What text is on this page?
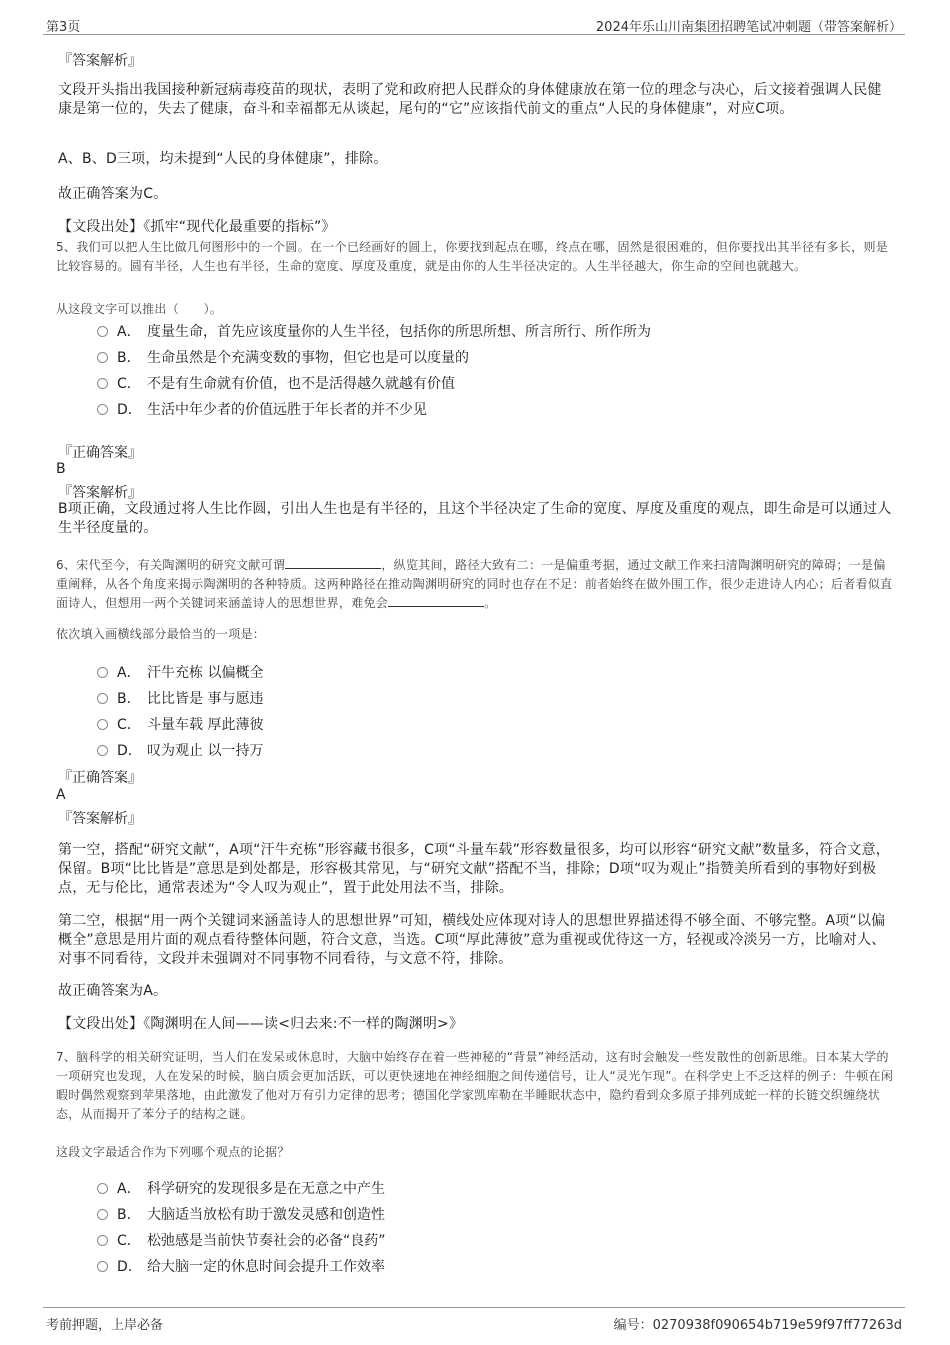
第3页	2024年乐山川南集团招聘笔试冲刺题（带答案解析）
『答案解析』
文段开头指出我国接种新冠病毒疫苗的现状，表明了党和政府把人民群众的身体健康放在第一位的理念与决心，后文接着强调人民健康是第一位的，失去了健康，奋斗和幸福都无从谈起，尾句的“它”应该指代前文的重点“人民的身体健康”，对应C项。
A、B、D三项，均未提到“人民的身体健康”，排除。
故正确答案为C。
【文段出处】《抓牢“现代化最重要的指标”》
5、我们可以把人生比做几何图形中的一个圆。在一个已经画好的圆上，你要找到起点在哪，终点在哪，固然是很困难的，但你要找出其半径有多长，则是比较容易的。圆有半径，人生也有半径，生命的宽度、厚度及重度，就是由你的人生半径决定的。人生半径越大，你生命的空间也就越大。
从这段文字可以推出（　　）。
A． 度量生命，首先应该度量你的人生半径，包括你的所思所想、所言所行、所作所为
B． 生命虽然是个充满变数的事物，但它也是可以度量的
C． 不是有生命就有价值，也不是活得越久就越有价值
D． 生活中年少者的价值远胜于年长者的并不少见
『正确答案』
B
『答案解析』
B项正确，文段通过将人生比作圆，引出人生也是有半径的，且这个半径决定了生命的宽度、厚度及重度的观点，即生命是可以通过人生半径度量的。
6、宋代至今，有关陶渊明的研究文献可谓	，纵览其间，路径大致有二：一是偏重考据，通过文献工作来扫清陶渊明研究的障碍；一是偏重阐释，从各个角度来揭示陶渊明的各种特质。这两种路径在推动陶渊明研究的同时也存在不足：前者始终在做外围工作，很少走进诗人内心；后者看似直面诗人，但想用一两个关键词来涵盖诗人的思想世界，难免会	。
依次填入画横线部分最恰当的一项是：
A． 汗牛充栋 以偏概全
B． 比比皆是 事与愿违
C． 斗量车载 厚此薄彼
D． 叹为观止 以一持万
『正确答案』
A
『答案解析』
第一空，搭配“研究文献”，A项“汗牛充栋”形容藏书很多，C项“斗量车载”形容数量很多，均可以形容“研究文献”数量多，符合文意，保留。B项“比比皆是”意思是到处都是，形容极其常见，与“研究文献”搭配不当，排除；D项“叹为观止”指赞美所看到的事物好到极点，无与伦比，通常表述为“令人叹为观止”，置于此处用法不当，排除。
第二空，根据“用一两个关键词来涵盖诗人的思想世界”可知，横线处应体现对诗人的思想世界描述得不够全面、不够完整。A项“以偏概全”意思是用片面的观点看待整体问题，符合文意，当选。C项“厚此薄彼”意为重视或优待这一方，轻视或冷淡另一方，比喻对人、对事不同看待，文段并未强调对不同事物不同看待，与文意不符，排除。
故正确答案为A。
【文段出处】《陶渊明在人间——读<归去来:不一样的陶渊明>》
7、脑科学的相关研究证明，当人们在发呆或休息时，大脑中始终存在着一些神秘的“背景”神经活动，这有时会触发一些发散性的创新思维。日本某大学的一项研究也发现，人在发呆的时候，脑白质会更加活跃，可以更快速地在神经细胞之间传递信号，让人“灵光乍现”。在科学史上不乏这样的例子：牛顿在闲暇时偶然观察到苹果落地，由此激发了他对万有引力定律的思考；德国化学家凯库勒在半睡眠状态中，隐约看到众多原子排列成蛇一样的长链交织缠绕状态，从而揭开了苯分子的结构之谜。
这段文字最适合作为下列哪个观点的论据？
A． 科学研究的发现很多是在无意之中产生
B． 大脑适当放松有助于激发灵感和创造性
C． 松弛感是当前快节奏社会的必备“良药”
D． 给大脑一定的休息时间会提升工作效率
考前押题，上岸必备	编号：0270938f090654b719e59f97ff77263d
